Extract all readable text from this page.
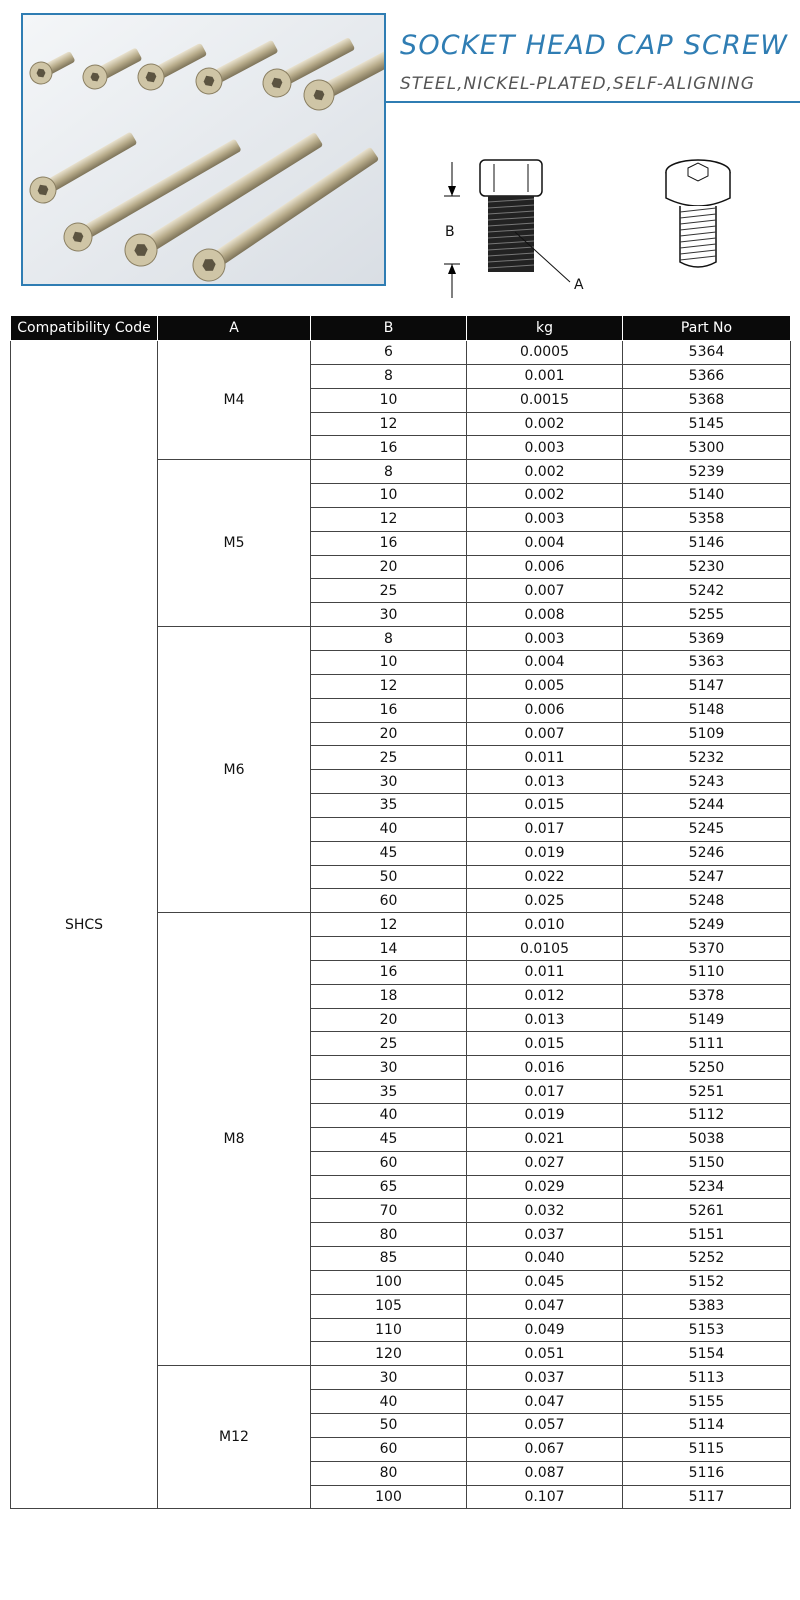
SOCKET HEAD CAP SCREW
STEEL,NICKEL-PLATED,SELF-ALIGNING
B
A
Compatibility Code	A	B	kg	Part No
SHCS	M4	6	0.0005	5364
		8	0.001	5366
		10	0.0015	5368
		12	0.002	5145
		16	0.003	5300
	M5	8	0.002	5239
		10	0.002	5140
		12	0.003	5358
		16	0.004	5146
		20	0.006	5230
		25	0.007	5242
		30	0.008	5255
	M6	8	0.003	5369
		10	0.004	5363
		12	0.005	5147
		16	0.006	5148
		20	0.007	5109
		25	0.011	5232
		30	0.013	5243
		35	0.015	5244
		40	0.017	5245
		45	0.019	5246
		50	0.022	5247
		60	0.025	5248
	M8	12	0.010	5249
		14	0.0105	5370
		16	0.011	5110
		18	0.012	5378
		20	0.013	5149
		25	0.015	5111
		30	0.016	5250
		35	0.017	5251
		40	0.019	5112
		45	0.021	5038
		60	0.027	5150
		65	0.029	5234
		70	0.032	5261
		80	0.037	5151
		85	0.040	5252
		100	0.045	5152
		105	0.047	5383
		110	0.049	5153
		120	0.051	5154
	M12	30	0.037	5113
		40	0.047	5155
		50	0.057	5114
		60	0.067	5115
		80	0.087	5116
		100	0.107	5117
